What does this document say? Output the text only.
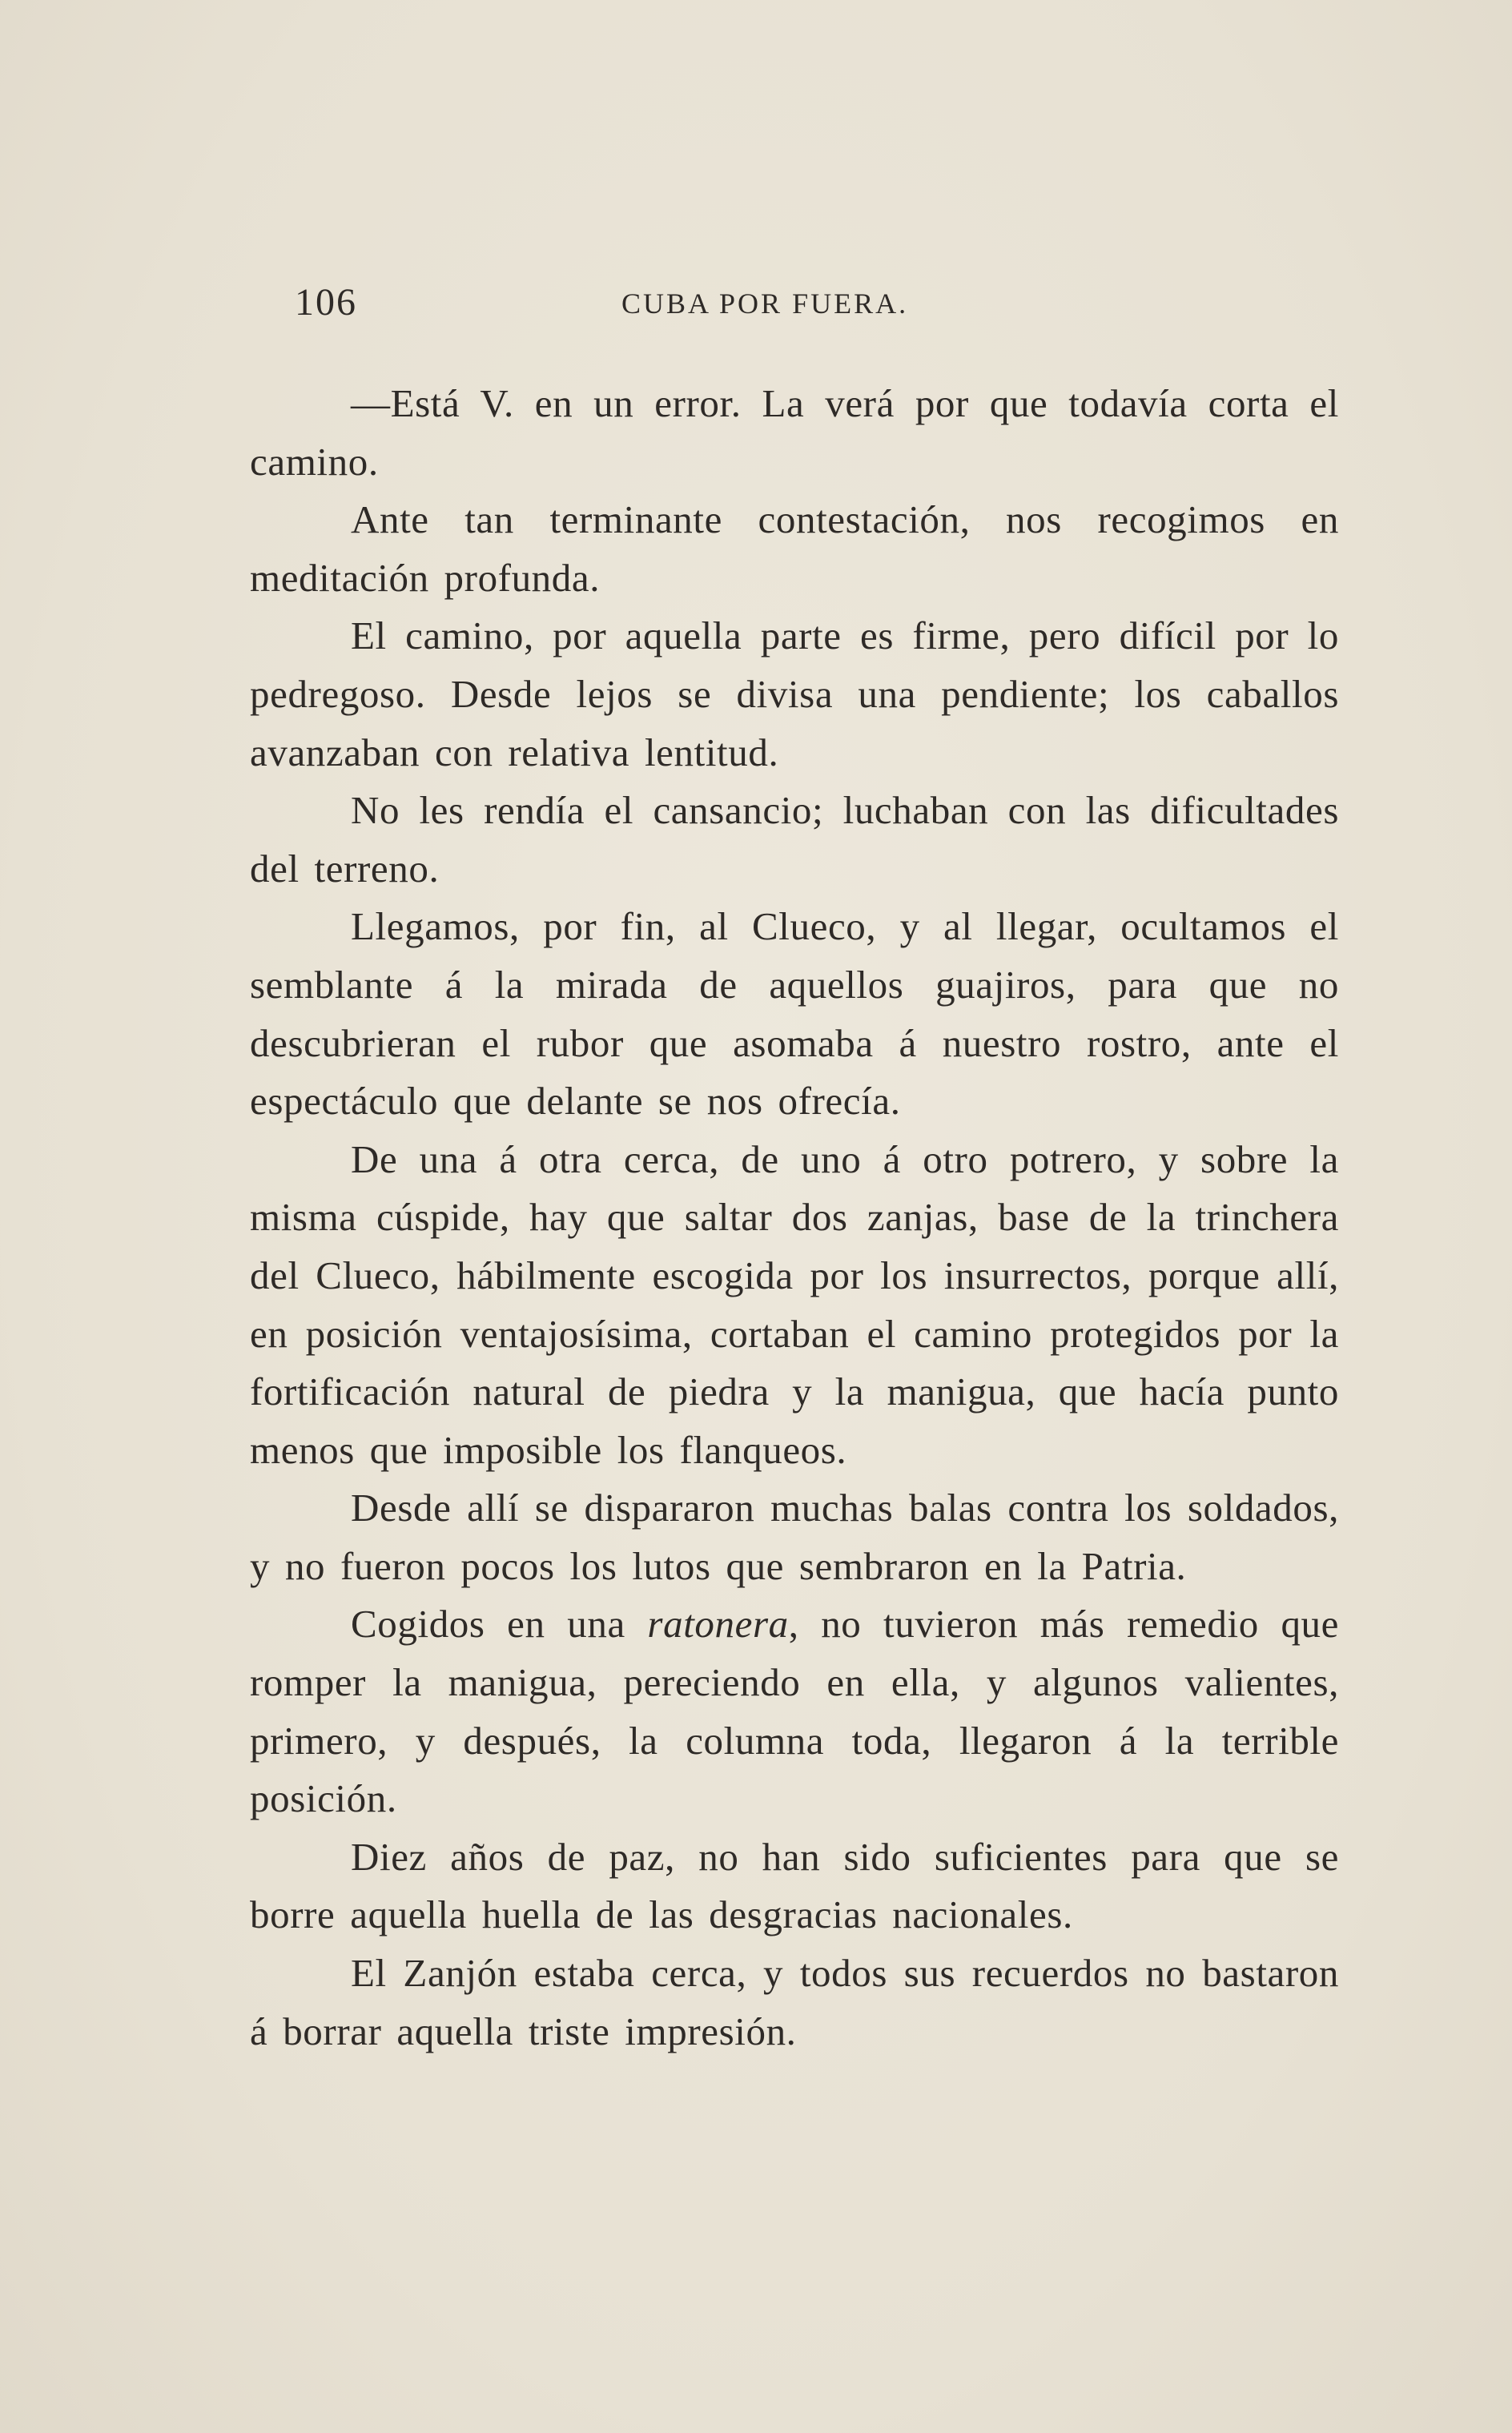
106	CUBA POR FUERA.

—Está V. en un error. La verá por que todavía corta el camino.

Ante tan terminante contestación, nos recogimos en meditación profunda.

El camino, por aquella parte es firme, pero difícil por lo pedregoso. Desde lejos se divisa una pendiente; los caballos avanzaban con relativa lentitud.

No les rendía el cansancio; luchaban con las dificultades del terreno.

Llegamos, por fin, al Clueco, y al llegar, ocultamos el semblante á la mirada de aquellos guajiros, para que no descubrieran el rubor que asomaba á nuestro rostro, ante el espectáculo que delante se nos ofrecía.

De una á otra cerca, de uno á otro potrero, y sobre la misma cúspide, hay que saltar dos zanjas, base de la trinchera del Clueco, hábilmente escogida por los insurrectos, porque allí, en posición ventajosísima, cortaban el camino protegidos por la fortificación natural de piedra y la manigua, que hacía punto menos que imposible los flanqueos.

Desde allí se dispararon muchas balas contra los soldados, y no fueron pocos los lutos que sembraron en la Patria.

Cogidos en una ratonera, no tuvieron más remedio que romper la manigua, pereciendo en ella, y algunos valientes, primero, y después, la columna toda, llegaron á la terrible posición.

Diez años de paz, no han sido suficientes para que se borre aquella huella de las desgracias nacionales.

El Zanjón estaba cerca, y todos sus recuerdos no bastaron á borrar aquella triste impresión.
